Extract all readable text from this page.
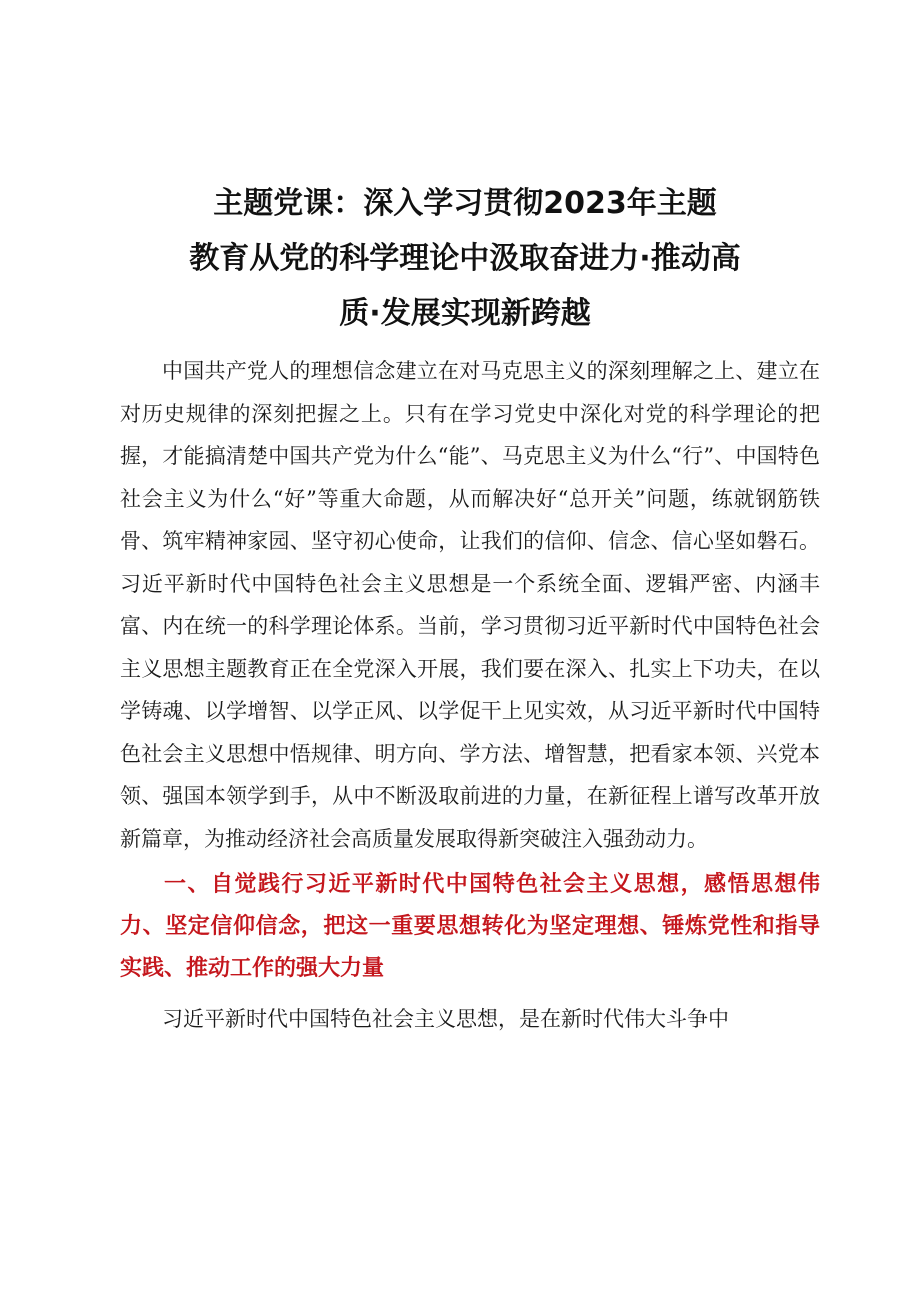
主题党课：深入学习贯彻2023年主题
教育从党的科学理论中汲取奋进力·推动高
质·发展实现新跨越

中国共产党人的理想信念建立在对马克思主义的深刻理解之上、建立在对历史规律的深刻把握之上。只有在学习党史中深化对党的科学理论的把握，才能搞清楚中国共产党为什么“能”、马克思主义为什么“行”、中国特色社会主义为什么“好”等重大命题，从而解决好“总开关”问题，练就钢筋铁骨、筑牢精神家园、坚守初心使命，让我们的信仰、信念、信心坚如磐石。习近平新时代中国特色社会主义思想是一个系统全面、逻辑严密、内涵丰富、内在统一的科学理论体系。当前，学习贯彻习近平新时代中国特色社会主义思想主题教育正在全党深入开展，我们要在深入、扎实上下功夫，在以学铸魂、以学增智、以学正风、以学促干上见实效，从习近平新时代中国特色社会主义思想中悟规律、明方向、学方法、增智慧，把看家本领、兴党本领、强国本领学到手，从中不断汲取前进的力量，在新征程上谱写改革开放新篇章，为推动经济社会高质量发展取得新突破注入强劲动力。

一、自觉践行习近平新时代中国特色社会主义思想，感悟思想伟力、坚定信仰信念，把这一重要思想转化为坚定理想、锤炼党性和指导实践、推动工作的强大力量

习近平新时代中国特色社会主义思想，是在新时代伟大斗争中
